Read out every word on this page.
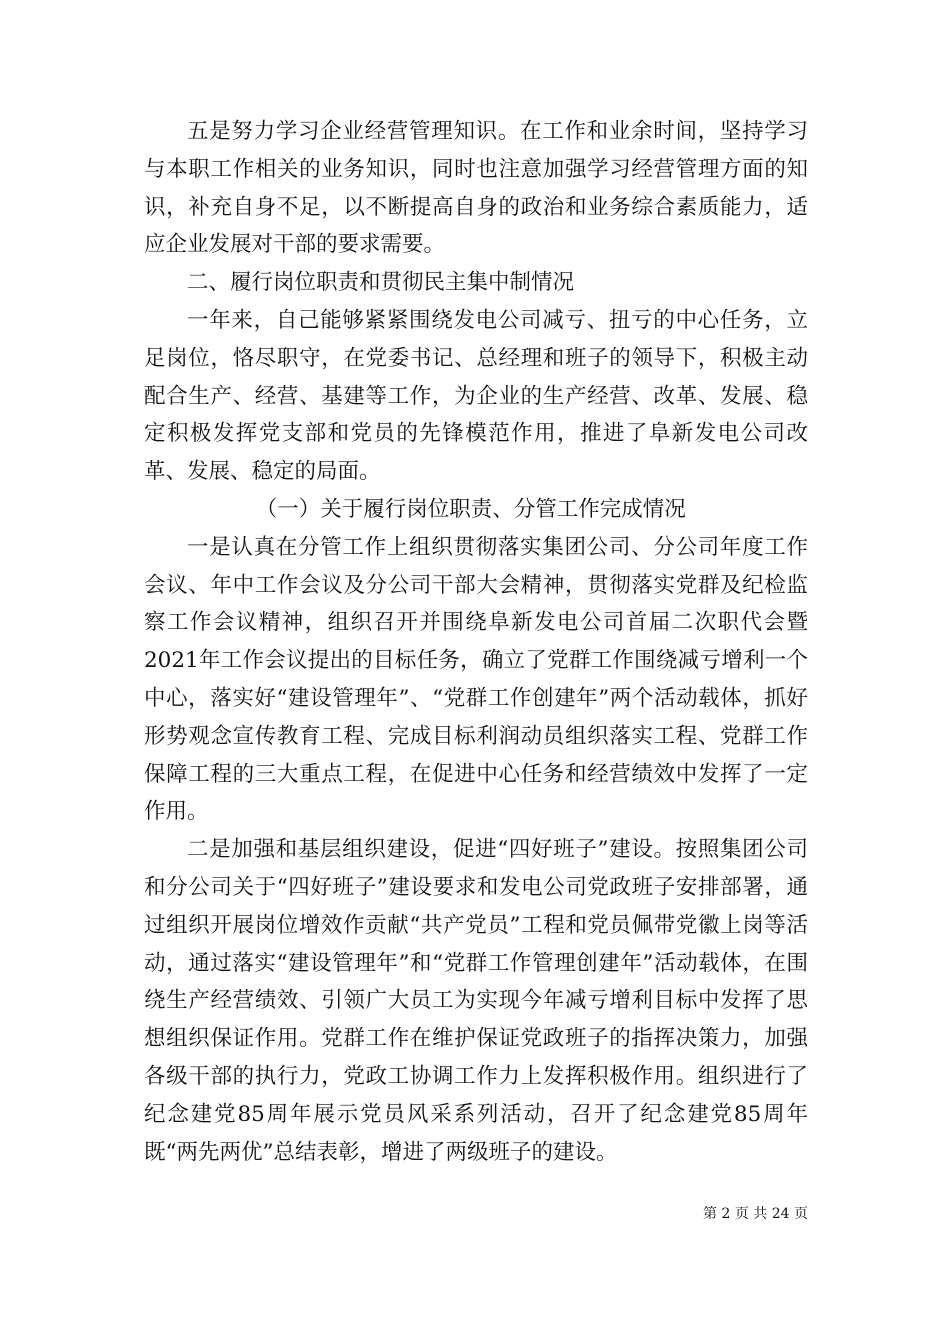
五是努力学习企业经营管理知识。在工作和业余时间，坚持学习与本职工作相关的业务知识，同时也注意加强学习经营管理方面的知识，补充自身不足，以不断提高自身的政治和业务综合素质能力，适应企业发展对干部的要求需要。

二、履行岗位职责和贯彻民主集中制情况

一年来，自己能够紧紧围绕发电公司减亏、扭亏的中心任务，立足岗位，恪尽职守，在党委书记、总经理和班子的领导下，积极主动配合生产、经营、基建等工作，为企业的生产经营、改革、发展、稳定积极发挥党支部和党员的先锋模范作用，推进了阜新发电公司改革、发展、稳定的局面。

（一）关于履行岗位职责、分管工作完成情况

一是认真在分管工作上组织贯彻落实集团公司、分公司年度工作会议、年中工作会议及分公司干部大会精神，贯彻落实党群及纪检监察工作会议精神，组织召开并围绕阜新发电公司首届二次职代会暨2021年工作会议提出的目标任务，确立了党群工作围绕减亏增利一个中心，落实好“建设管理年”、“党群工作创建年”两个活动载体，抓好形势观念宣传教育工程、完成目标利润动员组织落实工程、党群工作保障工程的三大重点工程，在促进中心任务和经营绩效中发挥了一定作用。

二是加强和基层组织建设，促进“四好班子”建设。按照集团公司和分公司关于“四好班子”建设要求和发电公司党政班子安排部署，通过组织开展岗位增效作贡献“共产党员”工程和党员佩带党徽上岗等活动，通过落实“建设管理年”和“党群工作管理创建年”活动载体，在围绕生产经营绩效、引领广大员工为实现今年减亏增利目标中发挥了思想组织保证作用。党群工作在维护保证党政班子的指挥决策力，加强各级干部的执行力，党政工协调工作力上发挥积极作用。组织进行了纪念建党85周年展示党员风采系列活动，召开了纪念建党85周年既“两先两优”总结表彰，增进了两级班子的建设。

第 2 页 共 24 页
